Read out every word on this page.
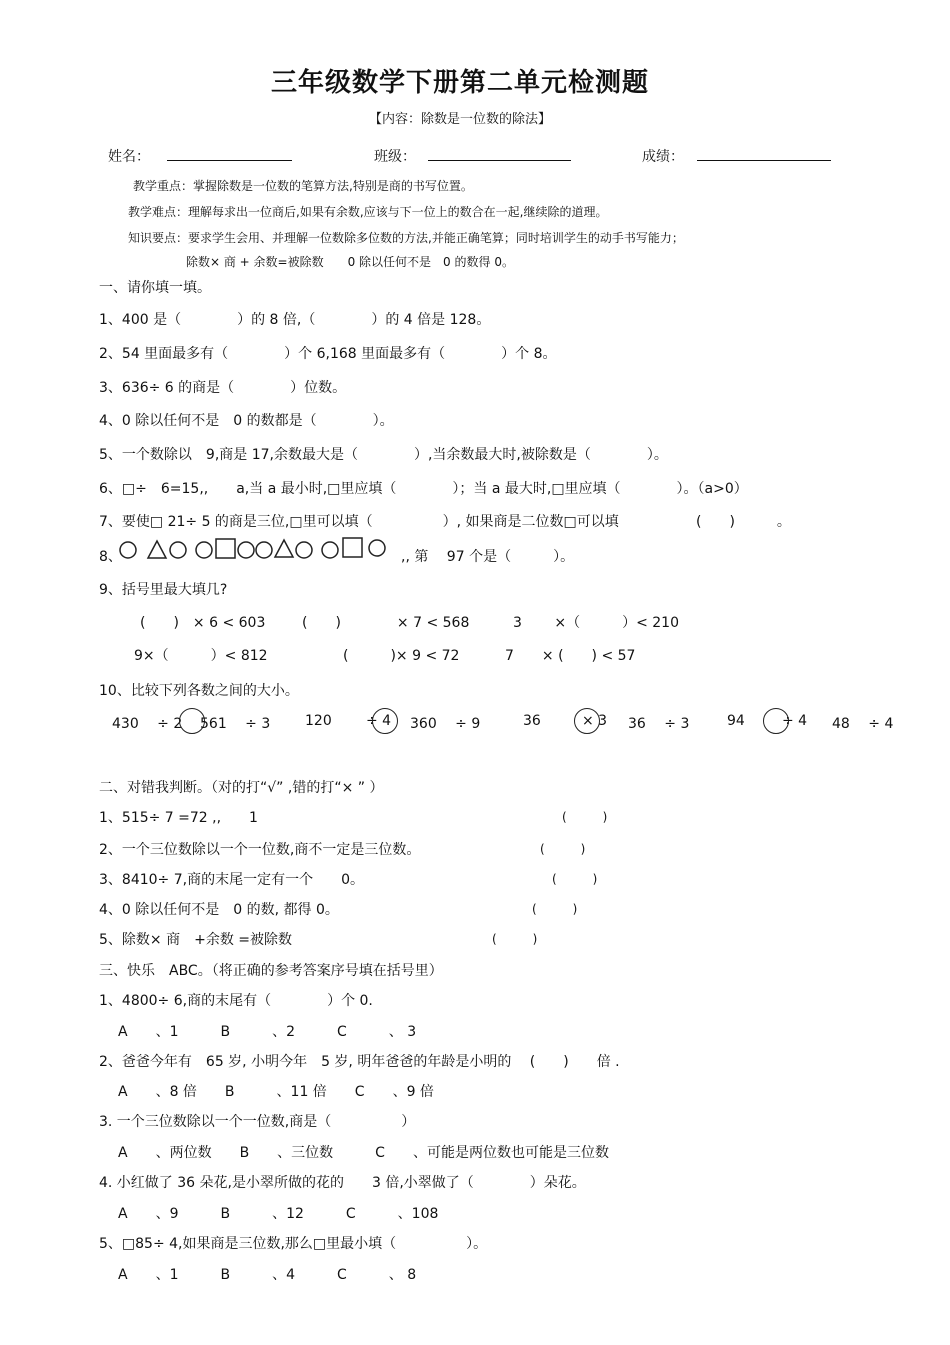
三年级数学下册第二单元检测题
【内容：除数是一位数的除法】
姓名：	班级：	成绩：
教学重点：掌握除数是一位数的笔算方法,特别是商的书写位置。
教学难点：理解每求出一位商后,如果有余数,应该与下一位上的数合在一起,继续除的道理。
知识要点：要求学生会用、并理解一位数除多位数的方法,并能正确笔算；同时培训学生的动手书写能力；
除数× 商 + 余数=被除数　　0 除以任何不是　0 的数得 0。
一、请你填一填。
1、400 是（　　　　）的 8 倍,（　　　　）的 4 倍是 128。
2、54 里面最多有（　　　　）个 6,168 里面最多有（　　　　）个 8。
3、636÷ 6 的商是（　　　　）位数。
4、0 除以任何不是　0 的数都是（　　　　）。
5、一个数除以　9,商是 17,余数最大是（　　　　）,当余数最大时,被除数是（　　　　）。
6、□÷　6=15,,　　a,当 a 最小时,□里应填（　　　　）；当 a 最大时,□里应填（　　　　）。（a>0）
7、要使□ 21÷ 5 的商是三位,□里可以填（　　　　　）, 如果商是二位数□可以填	(　　)　　　。
8、	,, 第　 97 个是（　　　）。
9、括号里最大填几?
(　　)　× 6 < 603	(　　)　　　　× 7 < 568	3　　 ×（　　　）< 210
9×（　　　）< 812	(　　　)× 9 < 72	7　　× (　　) < 57
10、比较下列各数之间的大小。
430　 ÷ 2 561　 ÷ 3 120 ÷ 4 360　 ÷ 9	36	× 3 36　 ÷ 3	94	÷ 4 48　 ÷ 4
二、对错我判断。（对的打“√” ,错的打“× ” ）
1、515÷ 7 =72 ,,　　1	(　　　)
2、一个三位数除以一个一位数,商不一定是三位数。	(　　　)
3、8410÷ 7,商的末尾一定有一个　　0。	(　　　)
4、0 除以任何不是　0 的数, 都得 0。	(　　　)
5、除数× 商　+余数 =被除数	(　　　)
三、快乐　ABC。（将正确的参考答案序号填在括号里）
1、4800÷ 6,商的末尾有（　　　　）个 0.
A　　、1　　　B　　　、2　　　C　　　、 3
2、爸爸今年有　65 岁, 小明今年　5 岁, 明年爸爸的年龄是小明的　 (　　)　　倍 .
A　　、8 倍　　B　　　、11 倍　　C　　、9 倍
3. 一个三位数除以一个一位数,商是（　　　　　）
A　　、两位数　　B　　、三位数　　　C　　、可能是两位数也可能是三位数
4. 小红做了 36 朵花,是小翠所做的花的　　3 倍,小翠做了（　　　　）朵花。
A　　、9　　　B　　　、12　　　C　　　、108
5、□85÷ 4,如果商是三位数,那么□里最小填（　　　　　）。
A　　、1　　　B　　　、4　　　C　　　、 8
